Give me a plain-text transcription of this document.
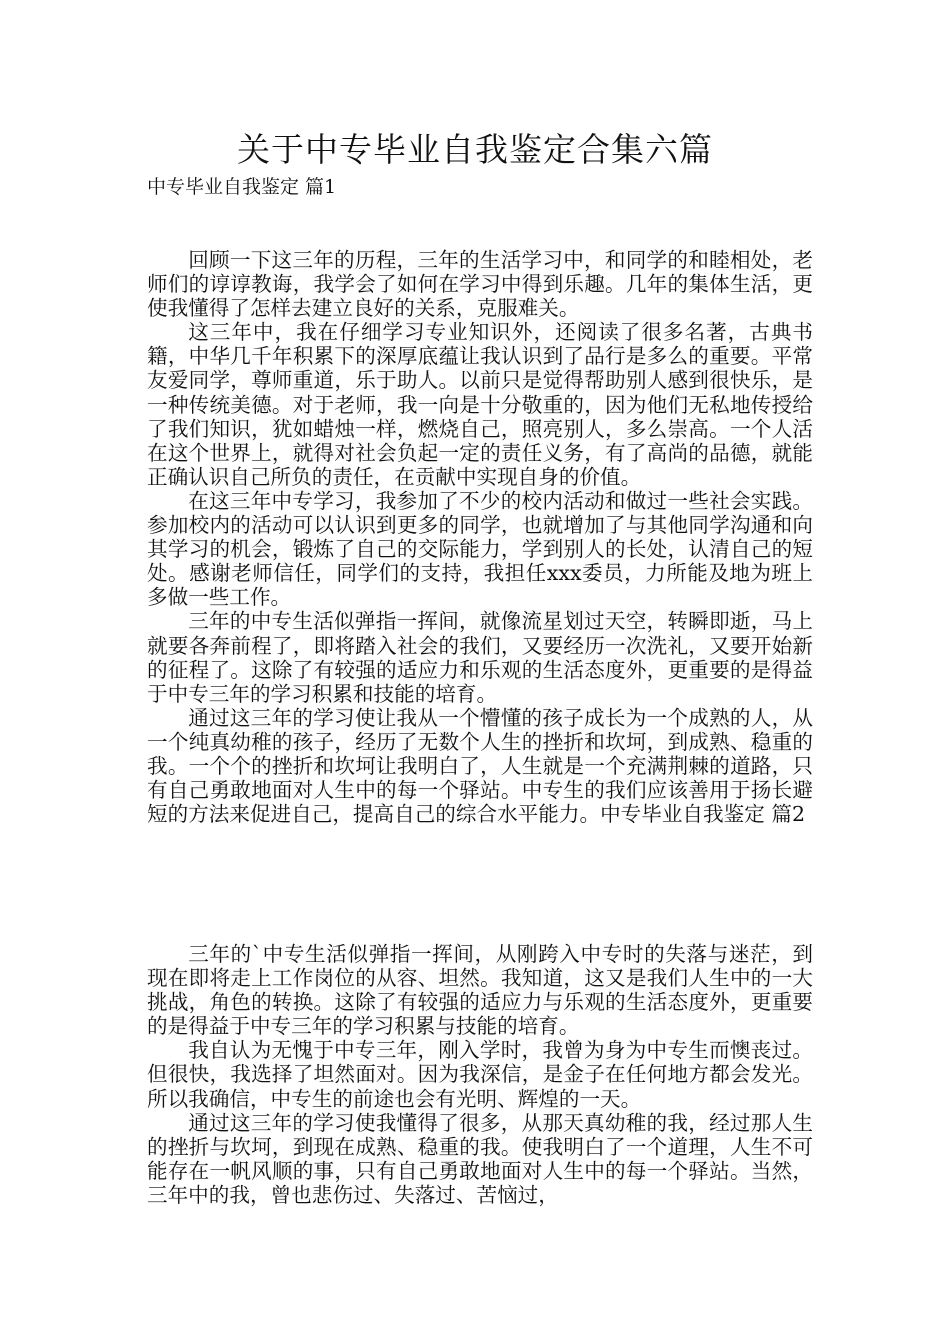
关于中专毕业自我鉴定合集六篇
中专毕业自我鉴定 篇1

回顾一下这三年的历程，三年的生活学习中，和同学的和睦相处，老师们的谆谆教诲，我学会了如何在学习中得到乐趣。几年的集体生活，更使我懂得了怎样去建立良好的关系，克服难关。

这三年中，我在仔细学习专业知识外，还阅读了很多名著，古典书籍，中华几千年积累下的深厚底蕴让我认识到了品行是多么的重要。平常友爱同学，尊师重道，乐于助人。以前只是觉得帮助别人感到很快乐，是一种传统美德。对于老师，我一向是十分敬重的，因为他们无私地传授给了我们知识，犹如蜡烛一样，燃烧自己，照亮别人，多么崇高。一个人活在这个世界上，就得对社会负起一定的责任义务，有了高尚的品德，就能正确认识自己所负的责任，在贡献中实现自身的价值。

在这三年中专学习，我参加了不少的校内活动和做过一些社会实践。参加校内的活动可以认识到更多的同学，也就增加了与其他同学沟通和向其学习的机会，锻炼了自己的交际能力，学到别人的长处，认清自己的短处。感谢老师信任，同学们的支持，我担任xxx委员，力所能及地为班上多做一些工作。

三年的中专生活似弹指一挥间，就像流星划过天空，转瞬即逝，马上就要各奔前程了，即将踏入社会的我们，又要经历一次洗礼，又要开始新的征程了。这除了有较强的适应力和乐观的生活态度外，更重要的是得益于中专三年的学习积累和技能的培育。

通过这三年的学习使让我从一个懵懂的孩子成长为一个成熟的人，从一个纯真幼稚的孩子，经历了无数个人生的挫折和坎坷，到成熟、稳重的我。一个个的挫折和坎坷让我明白了，人生就是一个充满荆棘的道路，只有自己勇敢地面对人生中的每一个驿站。中专生的我们应该善用于扬长避短的方法来促进自己，提高自己的综合水平能力。中专毕业自我鉴定 篇2

三年的`中专生活似弹指一挥间，从刚跨入中专时的失落与迷茫，到现在即将走上工作岗位的从容、坦然。我知道，这又是我们人生中的一大挑战，角色的转换。这除了有较强的适应力与乐观的生活态度外，更重要的是得益于中专三年的学习积累与技能的培育。

我自认为无愧于中专三年，刚入学时，我曾为身为中专生而懊丧过。但很快，我选择了坦然面对。因为我深信，是金子在任何地方都会发光。所以我确信，中专生的前途也会有光明、辉煌的一天。

通过这三年的学习使我懂得了很多，从那天真幼稚的我，经过那人生的挫折与坎坷，到现在成熟、稳重的我。使我明白了一个道理，人生不可能存在一帆风顺的事，只有自己勇敢地面对人生中的每一个驿站。当然，三年中的我，曾也悲伤过、失落过、苦恼过，
